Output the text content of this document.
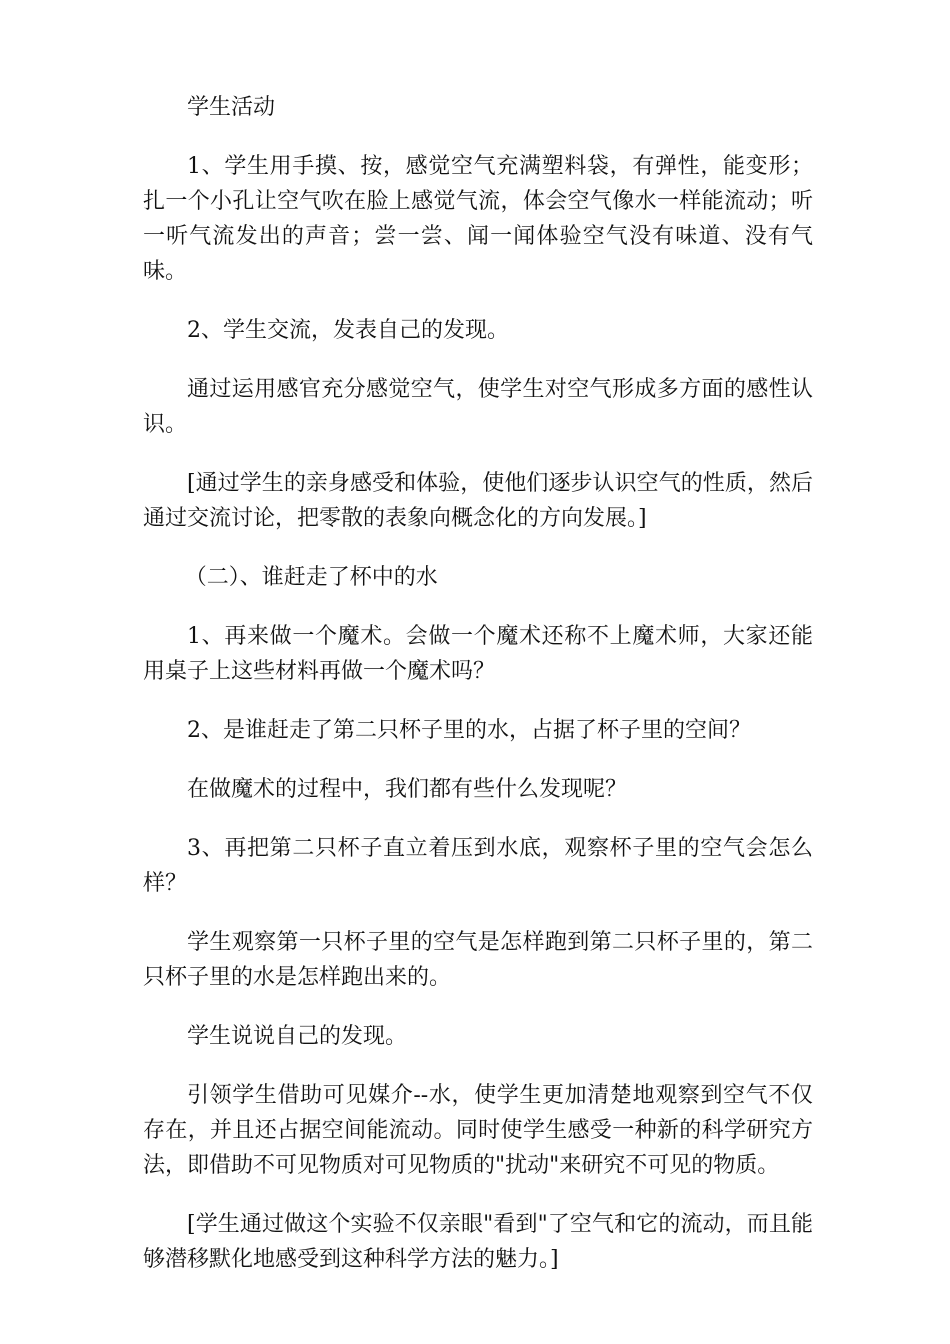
学生活动

1、学生用手摸、按，感觉空气充满塑料袋，有弹性，能变形；扎一个小孔让空气吹在脸上感觉气流，体会空气像水一样能流动；听一听气流发出的声音；尝一尝、闻一闻体验空气没有味道、没有气味。

2、学生交流，发表自己的发现。

通过运用感官充分感觉空气，使学生对空气形成多方面的感性认识。

[通过学生的亲身感受和体验，使他们逐步认识空气的性质，然后通过交流讨论，把零散的表象向概念化的方向发展。]

（二）、谁赶走了杯中的水

1、再来做一个魔术。会做一个魔术还称不上魔术师，大家还能用桌子上这些材料再做一个魔术吗？

2、是谁赶走了第二只杯子里的水，占据了杯子里的空间？

在做魔术的过程中，我们都有些什么发现呢？

3、再把第二只杯子直立着压到水底，观察杯子里的空气会怎么样？

学生观察第一只杯子里的空气是怎样跑到第二只杯子里的，第二只杯子里的水是怎样跑出来的。

学生说说自己的发现。

引领学生借助可见媒介--水，使学生更加清楚地观察到空气不仅存在，并且还占据空间能流动。同时使学生感受一种新的科学研究方法，即借助不可见物质对可见物质的"扰动"来研究不可见的物质。

[学生通过做这个实验不仅亲眼"看到"了空气和它的流动，而且能够潜移默化地感受到这种科学方法的魅力。]
